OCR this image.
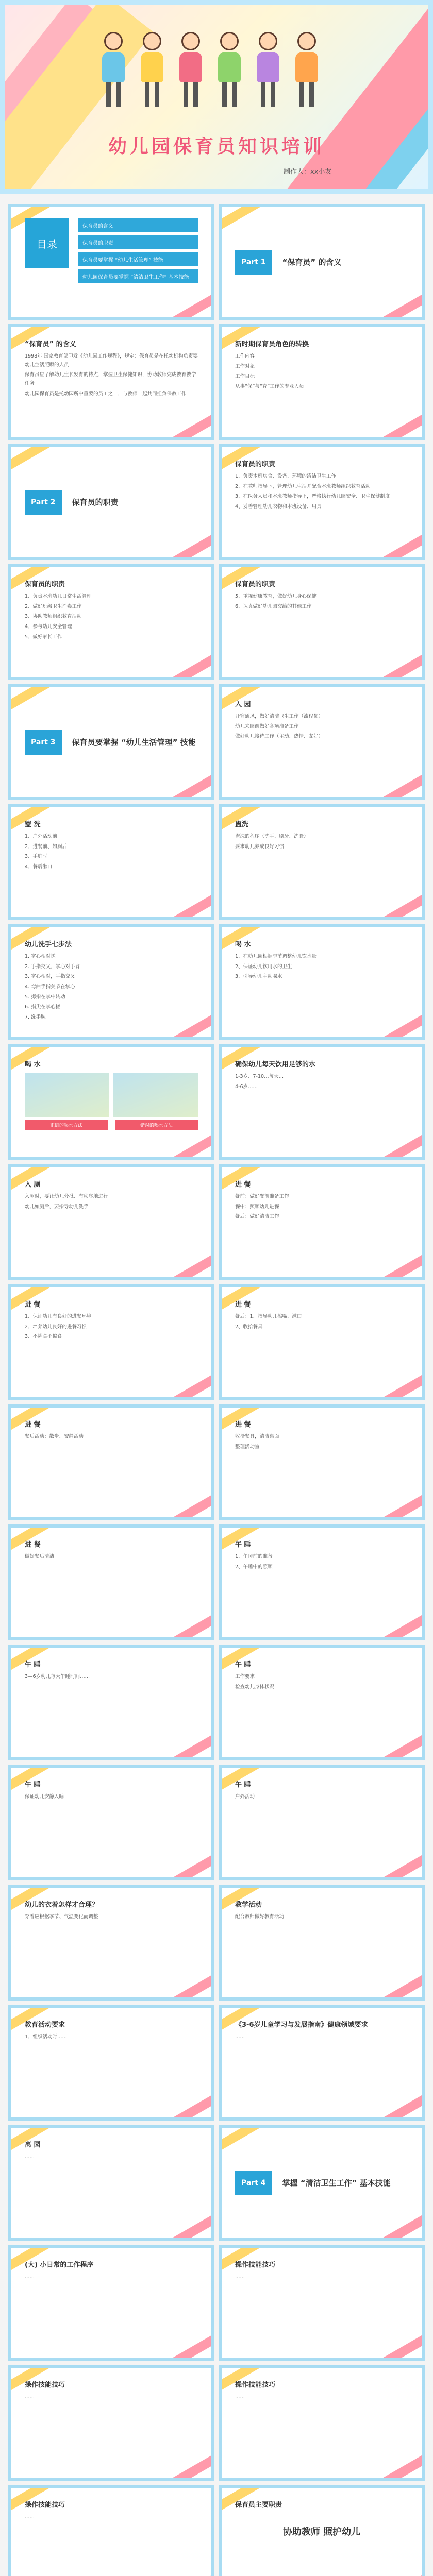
幼儿园保育员知识培训
制作人：xx小友
目录
保育员的含义
保育员的职责
保育员要掌握 “幼儿生活管理” 技能
幼儿园保育员要掌握 “清洁卫生工作” 基本技能
Part 1	“保育员” 的含义
“保育员” 的含义

1998年 国家教育部印发《幼儿园工作规程》，规定：保育员是在托幼机构负责婴幼儿生活照顾的人员

保育员应了解幼儿生长发育的特点，掌握卫生保健知识，协助教师完成教育教学任务

幼儿园保育员是托幼园所中重要的员工之一，与教师一起共同担负保教工作

新时期保育员角色的转换

工作内容

工作对象

工作目标

从事“保”与“育”工作的专业人员

Part 2	保育员的职责
保育员的职责

1、负责本班房舍、设备、环境的清洁卫生工作

2、在教师指导下，管理幼儿生活并配合本班教师组织教育活动

3、在医务人员和本班教师指导下，严格执行幼儿园安全、卫生保健制度

4、妥善管理幼儿衣物和本班设备、用具

保育员的职责

1、负责本班幼儿日常生活管理

2、做好班级卫生消毒工作

3、协助教师组织教育活动

4、参与幼儿安全管理

5、做好家长工作

保育员的职责

5、重视健康教育，做好幼儿身心保健

6、认真做好幼儿园交给的其他工作

Part 3	保育员要掌握 “幼儿生活管理” 技能
入 园

开窗通风，做好清洁卫生工作（流程化）

幼儿来园前做好各项准备工作

做好幼儿接待工作（主动、热情、友好）

盥 洗

1、户外活动前

2、进餐前、如厕后

3、手脏时

4、餐后漱口

盥洗

盥洗的程序（洗手、刷牙、洗脸）

要求幼儿养成良好习惯

幼儿洗手七步法

1. 掌心相对搓

2. 手指交叉，掌心对手背

3. 掌心相对，手指交叉

4. 弯曲手指关节在掌心

5. 拇指在掌中转动

6. 指尖在掌心搓

7. 洗手腕

喝 水

1、在幼儿园根据季节调整幼儿饮水量

2、保证幼儿饮用水的卫生

3、引导幼儿主动喝水

喝 水
正确的喝水方法	错误的喝水方法
确保幼儿每天饮用足够的水

1-3岁、7-10…每天…

4-6岁……

入 厕

入厕时，要让幼儿分批、有秩序地进行

幼儿如厕后，要指导幼儿洗手

进 餐

餐前：做好餐前准备工作

餐中：照顾幼儿进餐

餐后：做好清洁工作

进 餐

1、保证幼儿有良好的进餐环境

2、培养幼儿良好的进餐习惯

3、不挑食不偏食

进 餐

餐后：1、指导幼儿擦嘴、漱口

2、收拾餐具

进 餐

餐后活动：散步、安静活动

进 餐

收拾餐具，清洁桌面

整理活动室

进 餐

做好餐后清洁

午 睡

1、午睡前的准备

2、午睡中的照顾

午 睡

3—6岁幼儿每天午睡时间……

午 睡

工作要求

检查幼儿身体状况

午 睡

保证幼儿安静入睡

午 睡

户外活动

幼儿的衣着怎样才合理？

穿着应根据季节、气温变化而调整

教学活动

配合教师做好教育活动

教育活动要求

1、组织活动时……

《3-6岁儿童学习与发展指南》健康领域要求

……

离 园

……

Part 4	掌握 “清洁卫生工作” 基本技能
(大) 小日常的工作程序

……

操作技能技巧

……

操作技能技巧

……

操作技能技巧

……

操作技能技巧

……

保育员主要职责
协助教师 照护幼儿
